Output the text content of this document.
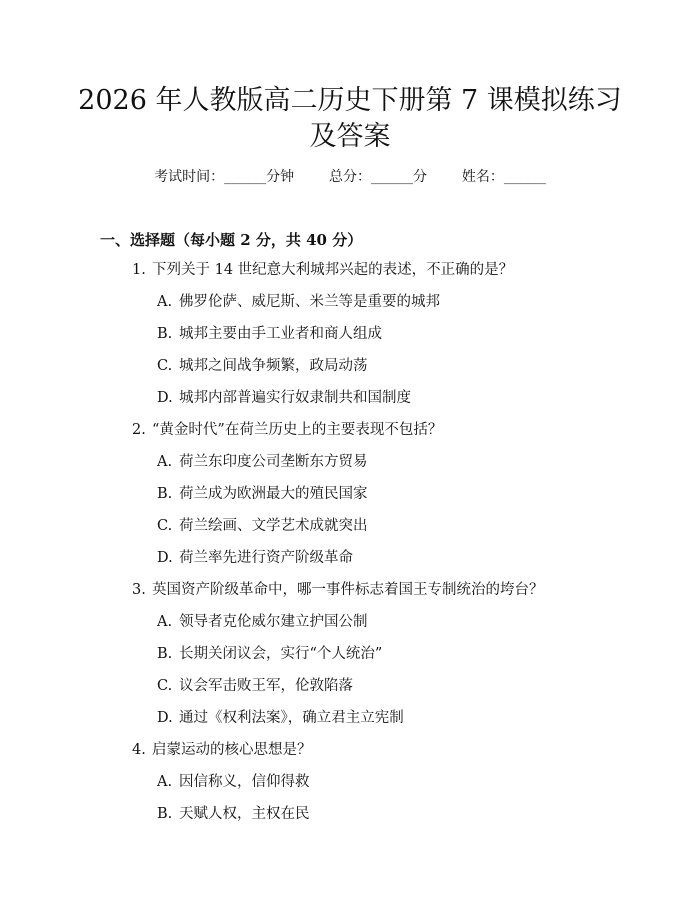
2026 年人教版高二历史下册第 7 课模拟练习
及答案
考试时间：______分钟 总分：______分 姓名：______
一、选择题（每小题 2 分，共 40 分）
1. 下列关于 14 世纪意大利城邦兴起的表述，不正确的是？
A. 佛罗伦萨、威尼斯、米兰等是重要的城邦
B. 城邦主要由手工业者和商人组成
C. 城邦之间战争频繁，政局动荡
D. 城邦内部普遍实行奴隶制共和国制度
2. “黄金时代”在荷兰历史上的主要表现不包括？
A. 荷兰东印度公司垄断东方贸易
B. 荷兰成为欧洲最大的殖民国家
C. 荷兰绘画、文学艺术成就突出
D. 荷兰率先进行资产阶级革命
3. 英国资产阶级革命中，哪一事件标志着国王专制统治的垮台？
A. 领导者克伦威尔建立护国公制
B. 长期关闭议会，实行“个人统治”
C. 议会军击败王军，伦敦陷落
D. 通过《权利法案》，确立君主立宪制
4. 启蒙运动的核心思想是？
A. 因信称义，信仰得救
B. 天赋人权，主权在民
